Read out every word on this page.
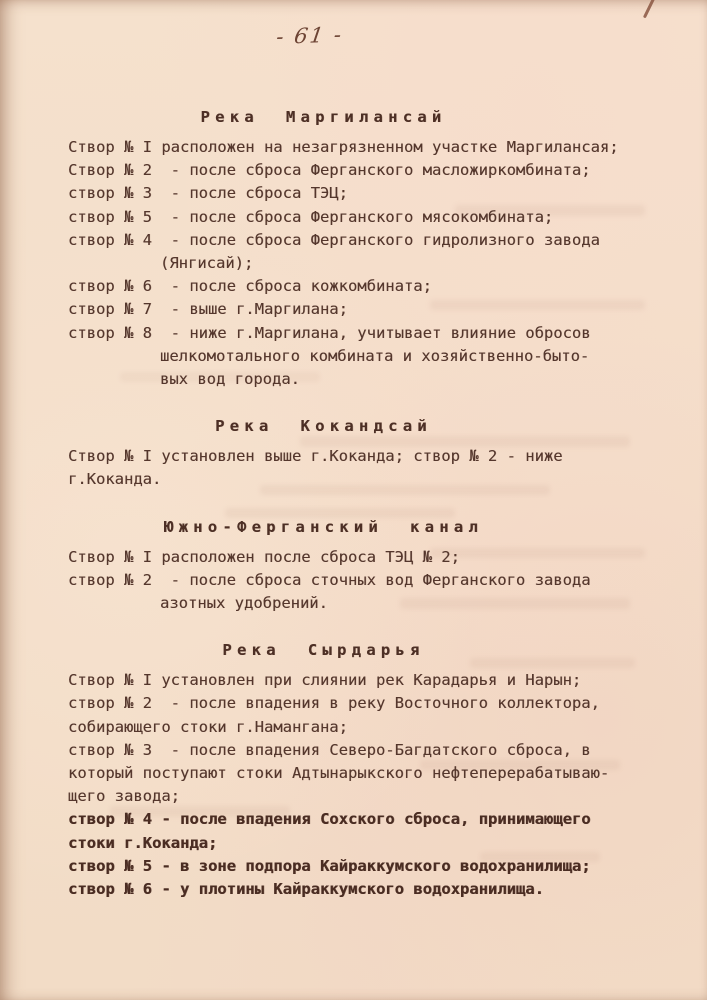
- 61 -
Река Маргилансай

Створ № I расположен на незагрязненном участке Маргилансая;

Створ № 2  - после сброса Ферганского масложиркомбината;

створ № 3  - после сброса ТЭЦ;

створ № 5  - после сброса Ферганского мясокомбината;

створ № 4  - после сброса Ферганского гидролизного завода

(Янгисай);

створ № 6  - после сброса кожкомбината;

створ № 7  - выше г.Маргилана;

створ № 8  - ниже г.Маргилана, учитывает влияние обросов

шелкомотального комбината и хозяйственно-быто-

вых вод города.

Река Кокандсай

Створ № I установлен выше г.Коканда; створ № 2 - ниже

г.Коканда.

Южно-Ферганский канал

Створ № I расположен после сброса ТЭЦ № 2;

створ № 2  - после сброса сточных вод Ферганского завода

азотных удобрений.

Река Сырдарья

Створ № I установлен при слиянии рек Карадарья и Нарын;

створ № 2  - после впадения в реку Восточного коллектора,

собирающего стоки г.Намангана;

створ № 3  - после впадения Северо-Багдатского сброса, в

который поступают стоки Адтынарыкского нефтеперерабатываю-

щего завода;

створ № 4 - после впадения Сохского сброса, принимающего

стоки г.Коканда;

створ № 5 - в зоне подпора Кайраккумского водохранилища;

створ № 6 - у плотины Кайраккумского водохранилища.
